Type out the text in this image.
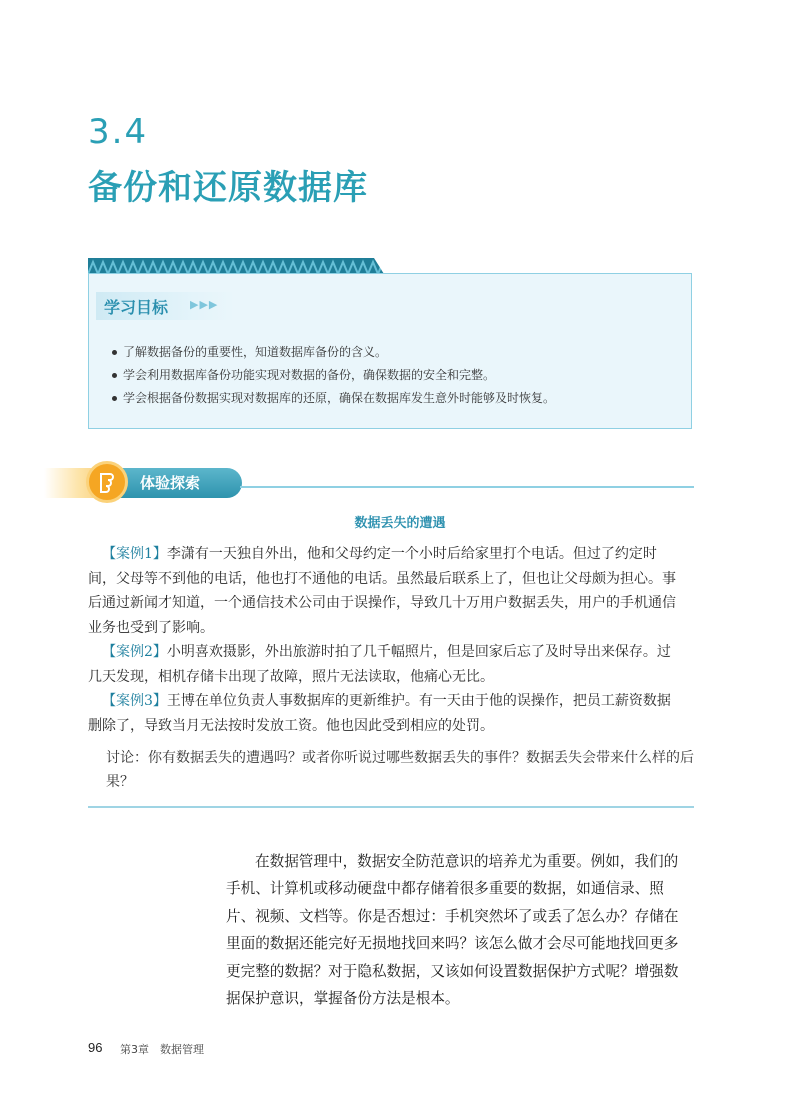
3.4
备份和还原数据库
学习目标 ▶▶▶
了解数据备份的重要性，知道数据库备份的含义。
学会利用数据库备份功能实现对数据的备份，确保数据的安全和完整。
学会根据备份数据实现对数据库的还原，确保在数据库发生意外时能够及时恢复。
体验探索
数据丢失的遭遇
【案例1】李潇有一天独自外出，他和父母约定一个小时后给家里打个电话。但过了约定时间，父母等不到他的电话，他也打不通他的电话。虽然最后联系上了，但也让父母颇为担心。事后通过新闻才知道，一个通信技术公司由于误操作，导致几十万用户数据丢失，用户的手机通信业务也受到了影响。
【案例2】小明喜欢摄影，外出旅游时拍了几千幅照片，但是回家后忘了及时导出来保存。过几天发现，相机存储卡出现了故障，照片无法读取，他痛心无比。
【案例3】王博在单位负责人事数据库的更新维护。有一天由于他的误操作，把员工薪资数据删除了，导致当月无法按时发放工资。他也因此受到相应的处罚。
讨论：你有数据丢失的遭遇吗？或者你听说过哪些数据丢失的事件？数据丢失会带来什么样的后果？
在数据管理中，数据安全防范意识的培养尤为重要。例如，我们的手机、计算机或移动硬盘中都存储着很多重要的数据，如通信录、照片、视频、文档等。你是否想过：手机突然坏了或丢了怎么办？存储在里面的数据还能完好无损地找回来吗？该怎么做才会尽可能地找回更多更完整的数据？对于隐私数据，又该如何设置数据保护方式呢？增强数据保护意识，掌握备份方法是根本。
96 第3章　数据管理
